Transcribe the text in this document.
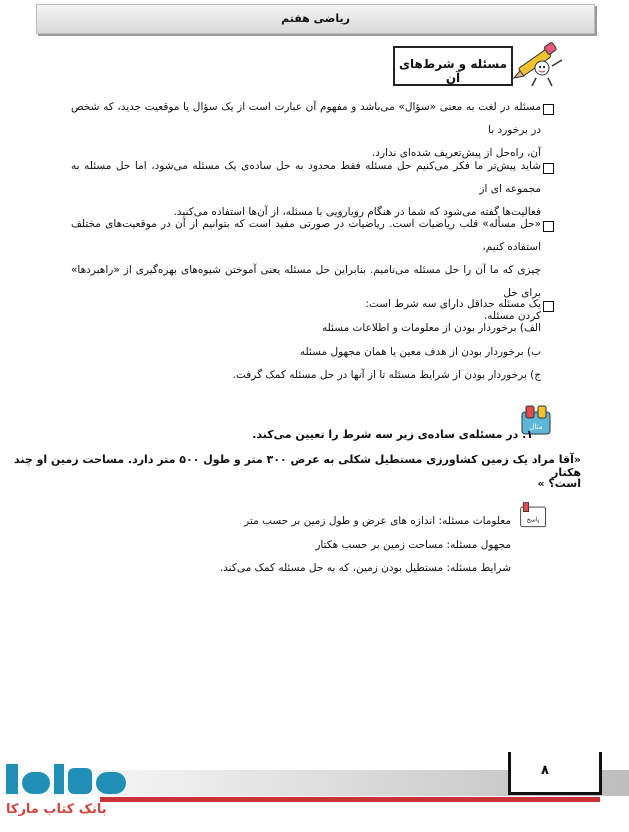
ریاضی هفتم
مسئله و شرط‌های آن
مسئله در لغت به معنی «سؤال» می‌باشد و مفهوم آن عبارت است از یک سؤال یا موقعیت جدید، که شخص در برخورد با
آن، راه‌حل از پیش‌تعریف شده‌ای ندارد.
شاید پیش‌تر ما فکر می‌کنیم حل مسئله فقط محدود به حل ساده‌ی یک مسئله می‌شود، اما حل مسئله به مجموعه ای از
فعالیت‌ها گفته می‌شود که شما در هنگام رویارویی با مسئله، از آن‌ها استفاده می‌کنید.
«حل مسأله» قلب ریاضیات است. ریاضیات در صورتی مفید است که بتوانیم از آن در موقعیت‌های مختلف استفاده کنیم،
چیزی که ما آن را حل مسئله می‌نامیم. بنابراین حل مسئله یعنی آموختن شیوه‌های بهره‌گیری از «راهبردها» برای حل
کردن مسئله.
یک مسئله حداقل دارای سه شرط است:
الف) برخوردار بودن از معلومات و اطلاعات مسئله
ب) برخوردار بودن از هدف معین یا همان مجهول مسئله
ج) برخوردار بودن از شرایط مسئله تا از آنها در حل مسئله کمک گرفت.
مثال
۱. در مسئله‌ی ساده‌ی زیر سه شرط را تعیین می‌کند.
«آقا مراد یک زمین کشاورزی مستطیل شکلی به عرض ۳۰۰ متر و طول ۵۰۰ متر دارد. مساحت زمین او چند هکتار
است؟ »
پاسخ
معلومات مسئله: اندازه های عرض و طول زمین بر حسب متر
مجهول مسئله: مساحت زمین بر حسب هکتار
شرایط مسئله: مستطیل بودن زمین، که به حل مسئله کمک می‌کند.
۸
بانک کتاب مارکا
